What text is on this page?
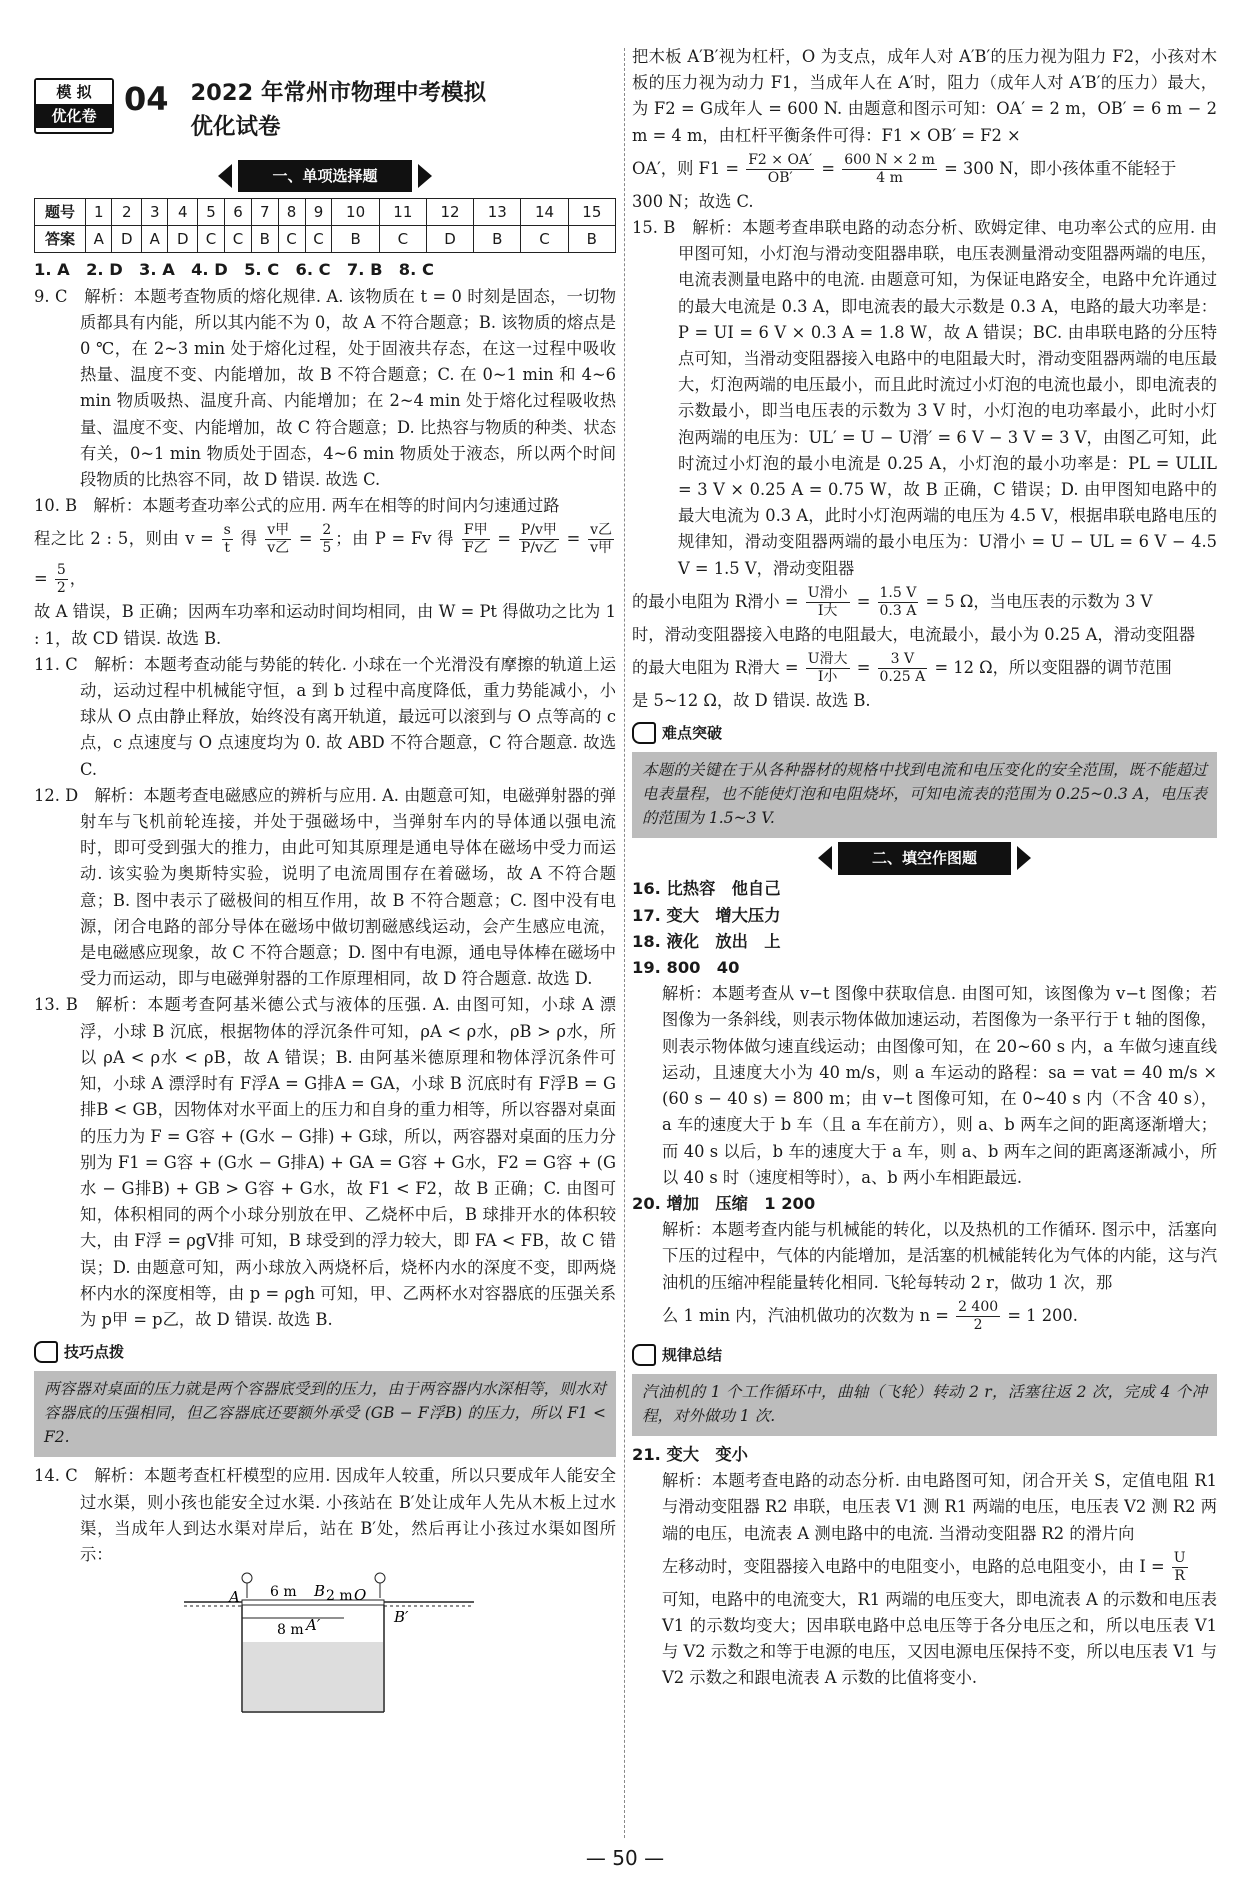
模 拟
优化卷 04 2022 年常州市物理中考模拟
优化试卷
一、单项选择题
题号	1	2	3	4	5	6	7	8	9	10	11	12	13	14	15
答案	A	D	A	D	C	C	B	C	C	B	C	D	B	C	B

1. A　2. D　3. A　4. D　5. C　6. C　7. B　8. C

9. C　解析：本题考查物质的熔化规律. A. 该物质在 t = 0 时刻是固态，一切物质都具有内能，所以其内能不为 0，故 A 不符合题意；B. 该物质的熔点是 0 ℃，在 2~3 min 处于熔化过程，处于固液共存态，在这一过程中吸收热量、温度不变、内能增加，故 B 不符合题意；C. 在 0~1 min 和 4~6 min 物质吸热、温度升高、内能增加；在 2~4 min 处于熔化过程吸收热量、温度不变、内能增加，故 C 符合题意；D. 比热容与物质的种类、状态有关，0~1 min 物质处于固态，4~6 min 物质处于液态，所以两个时间段物质的比热容不同，故 D 错误. 故选 C.

10. B　解析：本题考查功率公式的应用. 两车在相等的时间内匀速通过路

程之比 2 : 5，则由 $v = \frac{s}{t}$ 得 $\frac{\text{v甲}}{\text{v乙}} = \frac{2}{5}$ ；由 P = Fv 得 $\frac{\text{F甲}}{\text{F乙}} = \frac{\text{P/v甲}}{\text{P/v乙}} = \frac{\text{v乙}}{\text{v甲}}$
= $\frac{5}{2}$ ，

故 A 错误，B 正确；因两车功率和运动时间均相同，由 W = Pt 得做功之比为 1 : 1，故 CD 错误. 故选 B.

11. C　解析：本题考查动能与势能的转化. 小球在一个光滑没有摩擦的轨道上运动，运动过程中机械能守恒，a 到 b 过程中高度降低，重力势能减小，小球从 O 点由静止释放，始终没有离开轨道，最远可以滚到与 O 点等高的 c 点，c 点速度与 O 点速度均为 0. 故 ABD 不符合题意，C 符合题意. 故选 C.

12. D　解析：本题考查电磁感应的辨析与应用. A. 由题意可知，电磁弹射器的弹射车与飞机前轮连接，并处于强磁场中，当弹射车内的导体通以强电流时，即可受到强大的推力，由此可知其原理是通电导体在磁场中受力而运动. 该实验为奥斯特实验，说明了电流周围存在着磁场，故 A 不符合题意；B. 图中表示了磁极间的相互作用，故 B 不符合题意；C. 图中没有电源，闭合电路的部分导体在磁场中做切割磁感线运动，会产生感应电流，是电磁感应现象，故 C 不符合题意；D. 图中有电源，通电导体棒在磁场中受力而运动，即与电磁弹射器的工作原理相同，故 D 符合题意. 故选 D.

13. B　解析：本题考查阿基米德公式与液体的压强. A. 由图可知，小球 A 漂浮，小球 B 沉底，根据物体的浮沉条件可知，ρA < ρ水，ρB > ρ水，所以 ρA < ρ水 < ρB，故 A 错误；B. 由阿基米德原理和物体浮沉条件可知，小球 A 漂浮时有 F浮A = G排A = GA，小球 B 沉底时有 F浮B = G排B < GB，因物体对水平面上的压力和自身的重力相等，所以容器对桌面的压力为 F = G容 + (G水 − G排) + G球，所以，两容器对桌面的压力分别为 F1 = G容 + (G水 − G排A) + GA = G容 + G水，F2 = G容 + (G水 − G排B) + GB > G容 + G水，故 F1 < F2，故 B 正确；C. 由图可知，体积相同的两个小球分别放在甲、乙烧杯中后，B 球排开水的体积较大，由 F浮 = ρgV排 可知，B 球受到的浮力较大，即 FA < FB，故 C 错误；D. 由题意可知，两小球放入两烧杯后，烧杯内水的深度不变，即两烧杯内水的深度相等，由 p = ρgh 可知，甲、乙两杯水对容器底的压强关系为 p甲 = p乙，故 D 错误. 故选 B.

技巧点拨
两容器对桌面的压力就是两个容器底受到的压力，由于两容器内水深相等，则水对容器底的压强相同，但乙容器底还要额外承受 (GB − F浮B) 的压力，所以 F1 < F2.

14. C　解析：本题考查杠杆模型的应用. 因成年人较重，所以只要成年人能安全过水渠，则小孩也能安全过水渠. 小孩站在 B′处让成年人先从木板上过水渠，当成年人到达水渠对岸后，站在 B′处，然后再让小孩过水渠如图所示：

A 6 m B 2 m O
8 m A′	B′

把木板 A′B′视为杠杆，O 为支点，成年人对 A′B′的压力视为阻力 F2，小孩对木板的压力视为动力 F1，当成年人在 A′时，阻力（成年人对 A′B′的压力）最大，为 F2 = G成年人 = 600 N. 由题意和图示可知：OA′ = 2 m，OB′ = 6 m − 2 m = 4 m，由杠杆平衡条件可得：F1 × OB′ = F2 ×

OA′，则 $F1 = \frac{F2 \times OA'}{OB'} = \frac{600 N \times 2 m}{4 m} = 300$ N，即小孩体重不能轻于

300 N；故选 C.

15. B　解析：本题考查串联电路的动态分析、欧姆定律、电功率公式的应用. 由甲图可知，小灯泡与滑动变阻器串联，电压表测量滑动变阻器两端的电压，电流表测量电路中的电流. 由题意可知，为保证电路安全，电路中允许通过的最大电流是 0.3 A，即电流表的最大示数是 0.3 A，电路的最大功率是：P = UI = 6 V × 0.3 A = 1.8 W，故 A 错误；BC. 由串联电路的分压特点可知，当滑动变阻器接入电路中的电阻最大时，滑动变阻器两端的电压最大，灯泡两端的电压最小，而且此时流过小灯泡的电流也最小，即电流表的示数最小，即当电压表的示数为 3 V 时，小灯泡的电功率最小，此时小灯泡两端的电压为：UL′ = U − U滑′ = 6 V − 3 V = 3 V，由图乙可知，此时流过小灯泡的最小电流是 0.25 A，小灯泡的最小功率是：PL = ULIL = 3 V × 0.25 A = 0.75 W，故 B 正确，C 错误；D. 由甲图知电路中的最大电流为 0.3 A，此时小灯泡两端的电压为 4.5 V，根据串联电路电压的规律知，滑动变阻器两端的最小电压为：U滑小 = U − UL = 6 V − 4.5 V = 1.5 V，滑动变阻器

的最小电阻为 R滑小 = $\frac{\text{U滑小}}{\text{I大}} = \frac{1.5 V}{0.3 A} = 5$ Ω，当电压表的示数为 3 V

时，滑动变阻器接入电路的电阻最大，电流最小，最小为 0.25 A，滑动变阻器

的最大电阻为 R滑大 = $\frac{\text{U滑大}}{\text{I小}} = \frac{3 V}{0.25 A} = 12$ Ω，所以变阻器的调节范围

是 5~12 Ω，故 D 错误. 故选 B.

难点突破
本题的关键在于从各种器材的规格中找到电流和电压变化的安全范围，既不能超过电表量程，也不能使灯泡和电阻烧坏，可知电流表的范围为 0.25~0.3 A，电压表的范围为 1.5~3 V.
二、填空作图题

16. 比热容　他自己

17. 变大　增大压力

18. 液化　放出　上

19. 800　40

解析：本题考查从 v−t 图像中获取信息. 由图可知，该图像为 v−t 图像；若图像为一条斜线，则表示物体做加速运动，若图像为一条平行于 t 轴的图像，则表示物体做匀速直线运动；由图像可知，在 20~60 s 内，a 车做匀速直线运动，且速度大小为 40 m/s，则 a 车运动的路程：sa = vat = 40 m/s × (60 s − 40 s) = 800 m；由 v−t 图像可知，在 0~40 s 内（不含 40 s），a 车的速度大于 b 车（且 a 车在前方），则 a、b 两车之间的距离逐渐增大；而 40 s 以后，b 车的速度大于 a 车，则 a、b 两车之间的距离逐渐减小，所以 40 s 时（速度相等时），a、b 两小车相距最远.

20. 增加　压缩　1 200

解析：本题考查内能与机械能的转化，以及热机的工作循环. 图示中，活塞向下压的过程中，气体的内能增加，是活塞的机械能转化为气体的内能，这与汽油机的压缩冲程能量转化相同. 飞轮每转动 2 r，做功 1 次，那

么 1 min 内，汽油机做功的次数为 $n = \frac{2 400}{2} = 1$ 200.

规律总结
汽油机的 1 个工作循环中，曲轴（飞轮）转动 2 r，活塞往返 2 次，完成 4 个冲程，对外做功 1 次.

21. 变大　变小

解析：本题考查电路的动态分析. 由电路图可知，闭合开关 S，定值电阻 R1 与滑动变阻器 R2 串联，电压表 V1 测 R1 两端的电压，电压表 V2 测 R2 两端的电压，电流表 A 测电路中的电流. 当滑动变阻器 R2 的滑片向

左移动时，变阻器接入电路中的电阻变小，电路的总电阻变小，由 $I = \frac{U}{R}$

可知，电路中的电流变大，R1 两端的电压变大，即电流表 A 的示数和电压表 V1 的示数均变大；因串联电路中总电压等于各分电压之和，所以电压表 V1 与 V2 示数之和等于电源的电压，又因电源电压保持不变，所以电压表 V1 与 V2 示数之和跟电流表 A 示数的比值将变小.

— 50 —
